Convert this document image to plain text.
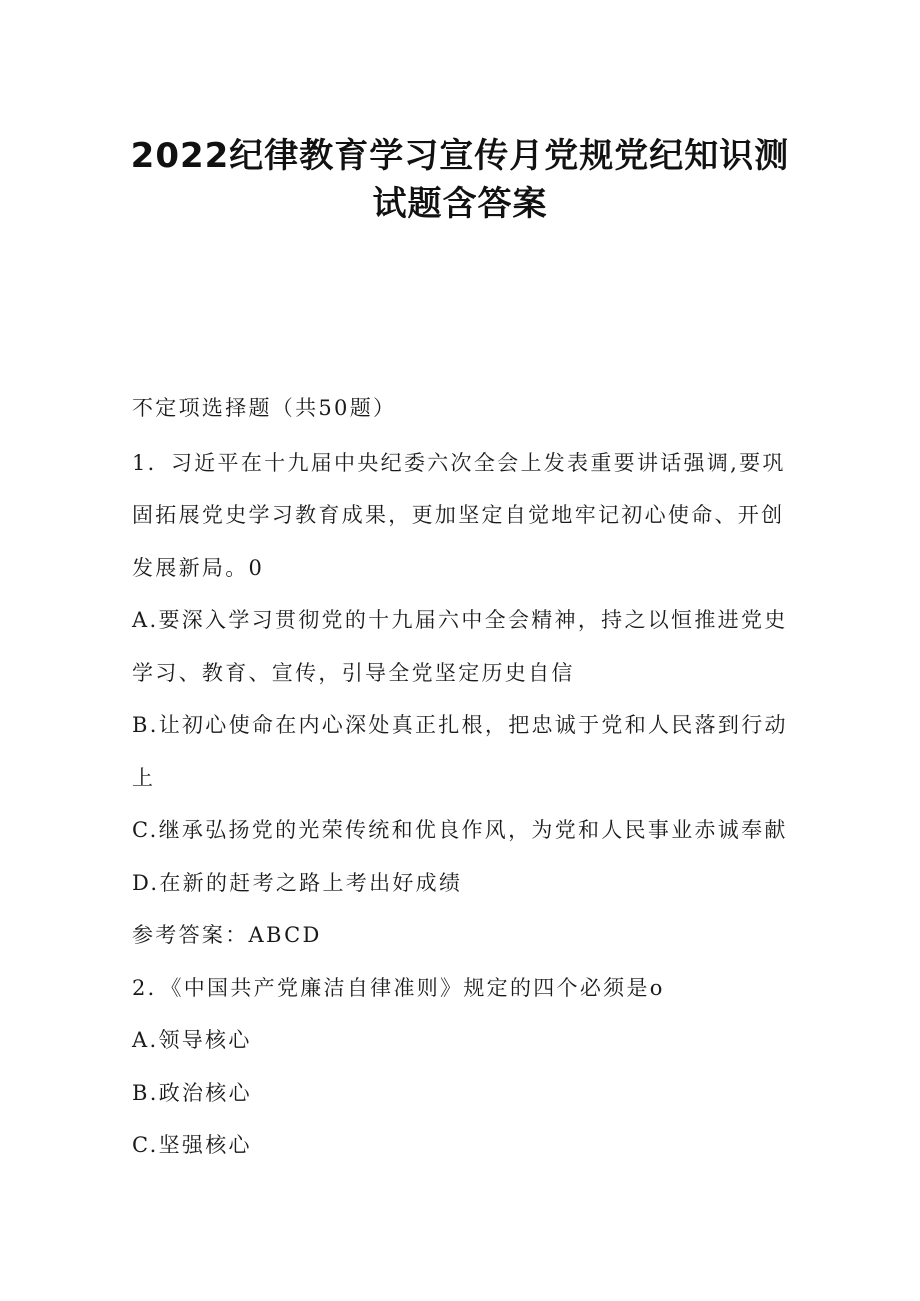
2022纪律教育学习宣传月党规党纪知识测
试题含答案
不定项选择题（共50题）
1．习近平在十九届中央纪委六次全会上发表重要讲话强调,要巩
固拓展党史学习教育成果，更加坚定自觉地牢记初心使命、开创
发展新局。0
A.要深入学习贯彻党的十九届六中全会精神，持之以恒推进党史
学习、教育、宣传，引导全党坚定历史自信
B.让初心使命在内心深处真正扎根，把忠诚于党和人民落到行动
上
C.继承弘扬党的光荣传统和优良作风，为党和人民事业赤诚奉献
D.在新的赶考之路上考出好成绩
参考答案：ABCD
2．《中国共产党廉洁自律准则》规定的四个必须是o
A.领导核心
B.政治核心
C.坚强核心
